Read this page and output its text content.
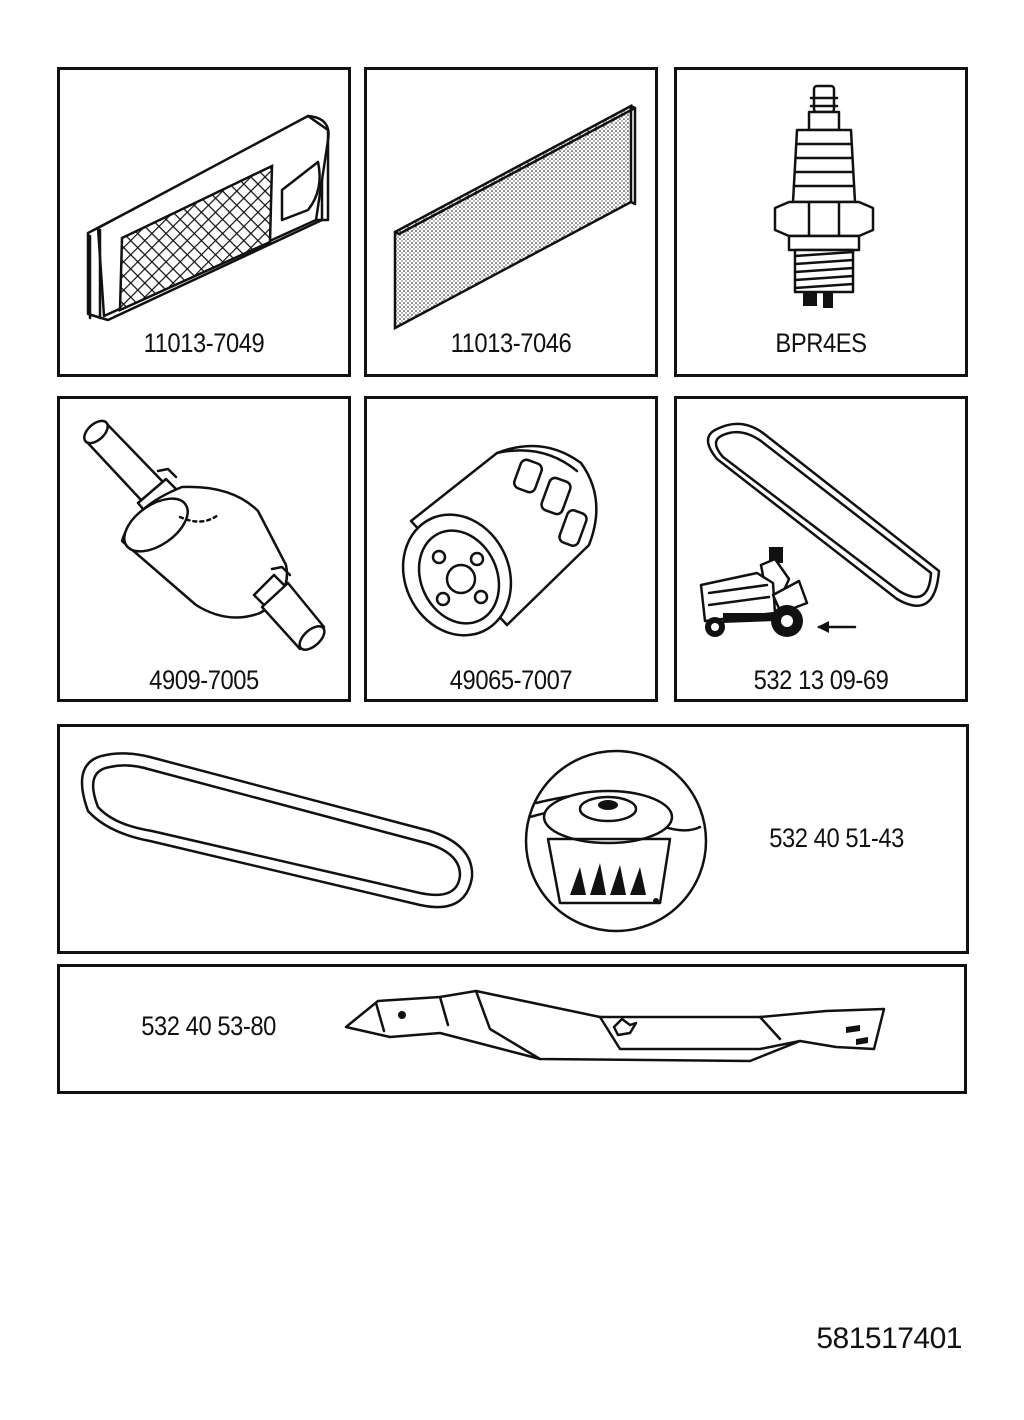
11013-7049	11013-7046	BPR4ES
4909-7005	49065-7007	532 13 09-69
532 40 51-43
532 40 53-80
581517401
